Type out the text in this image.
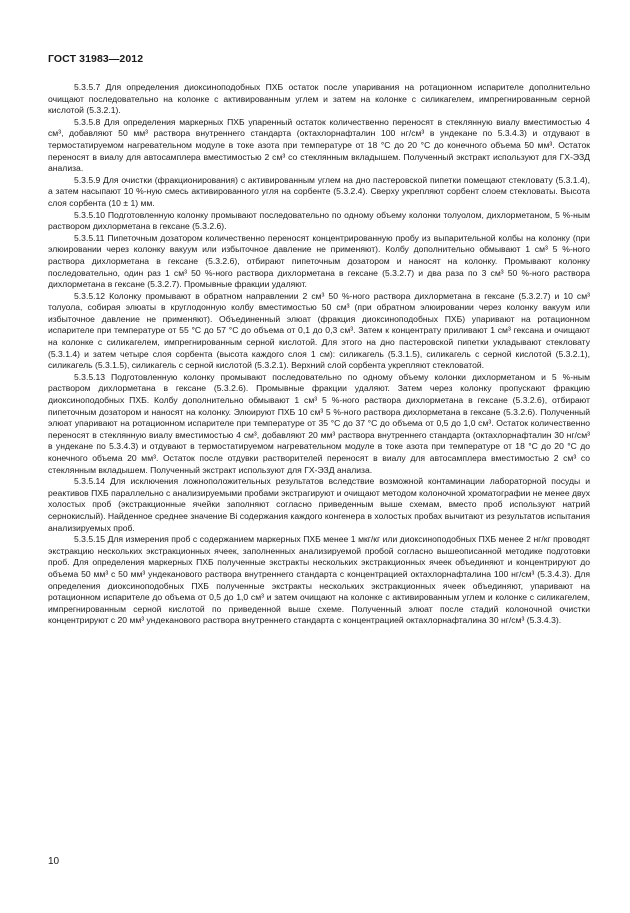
ГОСТ 31983—2012

5.3.5.7 Для определения диоксиноподобных ПХБ остаток после упаривания на ротационном испарителе дополнительно очищают последовательно на колонке с активированным углем и затем на колонке с силикагелем, импрегнированным серной кислотой (5.3.2.1).

5.3.5.8 Для определения маркерных ПХБ упаренный остаток количественно переносят в стеклянную виалу вместимостью 4 см³, добавляют 50 мм³ раствора внутреннего стандарта (октахлорнафталин 100 нг/см³ в ундекане по 5.3.4.3) и отдувают в термостатируемом нагревательном модуле в токе азота при температуре от 18 °С до 20 °С до конечного объема 50 мм³. Остаток переносят в виалу для автосамплера вместимостью 2 см³ со стеклянным вкладышем. Полученный экстракт используют для ГХ-ЭЗД анализа.

5.3.5.9 Для очистки (фракционирования) с активированным углем на дно пастеровской пипетки помещают стекловату (5.3.1.4), а затем насыпают 10 %-ную смесь активированного угля на сорбенте (5.3.2.4). Сверху укрепляют сорбент слоем стекловаты. Высота слоя сорбента (10 ± 1) мм.

5.3.5.10 Подготовленную колонку промывают последовательно по одному объему колонки толуолом, дихлорметаном, 5 %-ным раствором дихлорметана в гексане (5.3.2.6).

5.3.5.11 Пипеточным дозатором количественно переносят концентрированную пробу из выпарительной колбы на колонку (при элюировании через колонку вакуум или избыточное давление не применяют). Колбу дополнительно обмывают 1 см³ 5 %-ного раствора дихлорметана в гексане (5.3.2.6), отбирают пипеточным дозатором и наносят на колонку. Промывают колонку последовательно, один раз 1 см³ 50 %-ного раствора дихлорметана в гексане (5.3.2.7) и два раза по 3 см³ 50 %-ного раствора дихлорметана в гексане (5.3.2.7). Промывные фракции удаляют.

5.3.5.12 Колонку промывают в обратном направлении 2 см³ 50 %-ного раствора дихлорметана в гексане (5.3.2.7) и 10 см³ толуола, собирая элюаты в круглодонную колбу вместимостью 50 см³ (при обратном элюировании через колонку вакуум или избыточное давление не применяют). Объединенный элюат (фракция диоксиноподобных ПХБ) упаривают на ротационном испарителе при температуре от 55 °С до 57 °С до объема от 0,1 до 0,3 см³. Затем к концентрату приливают 1 см³ гексана и очищают на колонке с силикагелем, импрегнированным серной кислотой. Для этого на дно пастеровской пипетки укладывают стекловату (5.3.1.4) и затем четыре слоя сорбента (высота каждого слоя 1 см): силикагель (5.3.1.5), силикагель с серной кислотой (5.3.2.1), силикагель (5.3.1.5), силикагель с серной кислотой (5.3.2.1). Верхний слой сорбента укрепляют стекловатой.

5.3.5.13 Подготовленную колонку промывают последовательно по одному объему колонки дихлорметаном и 5 %-ным раствором дихлорметана в гексане (5.3.2.6). Промывные фракции удаляют. Затем через колонку пропускают фракцию диоксиноподобных ПХБ. Колбу дополнительно обмывают 1 см³ 5 %-ного раствора дихлорметана в гексане (5.3.2.6), отбирают пипеточным дозатором и наносят на колонку. Элюируют ПХБ 10 см³ 5 %-ного раствора дихлорметана в гексане (5.3.2.6). Полученный элюат упаривают на ротационном испарителе при температуре от 35 °С до 37 °С до объема от 0,5 до 1,0 см³. Остаток количественно переносят в стеклянную виалу вместимостью 4 см³, добавляют 20 мм³ раствора внутреннего стандарта (октахлорнафталин 30 нг/см³ в ундекане по 5.3.4.3) и отдувают в термостатируемом нагревательном модуле в токе азота при температуре от 18 °С до 20 °С до конечного объема 20 мм³. Остаток после отдувки растворителей переносят в виалу для автосамплера вместимостью 2 см³ со стеклянным вкладышем. Полученный экстракт используют для ГХ-ЭЗД анализа.

5.3.5.14 Для исключения ложноположительных результатов вследствие возможной контаминации лабораторной посуды и реактивов ПХБ параллельно с анализируемыми пробами экстрагируют и очищают методом колоночной хроматографии не менее двух холостых проб (экстракционные ячейки заполняют согласно приведенным выше схемам, вместо проб используют натрий сернокислый). Найденное среднее значение Bi содержания каждого конгенера в холостых пробах вычитают из результатов испытания анализируемых проб.

5.3.5.15 Для измерения проб с содержанием маркерных ПХБ менее 1 мкг/кг или диоксиноподобных ПХБ менее 2 нг/кг проводят экстракцию нескольких экстракционных ячеек, заполненных анализируемой пробой согласно вышеописанной методике подготовки проб. Для определения маркерных ПХБ полученные экстракты нескольких экстракционных ячеек объединяют и концентрируют до объема 50 мм³ с 50 мм³ ундеканового раствора внутреннего стандарта с концентрацией октахлорнафталина 100 нг/см³ (5.3.4.3). Для определения диоксиноподобных ПХБ полученные экстракты нескольких экстракционных ячеек объединяют, упаривают на ротационном испарителе до объема от 0,5 до 1,0 см³ и затем очищают на колонке с активированным углем и колонке с силикагелем, импрегнированным серной кислотой по приведенной выше схеме. Полученный элюат после стадий колоночной очистки концентрируют с 20 мм³ ундеканового раствора внутреннего стандарта с концентрацией октахлорнафталина 30 нг/см³ (5.3.4.3).

10
